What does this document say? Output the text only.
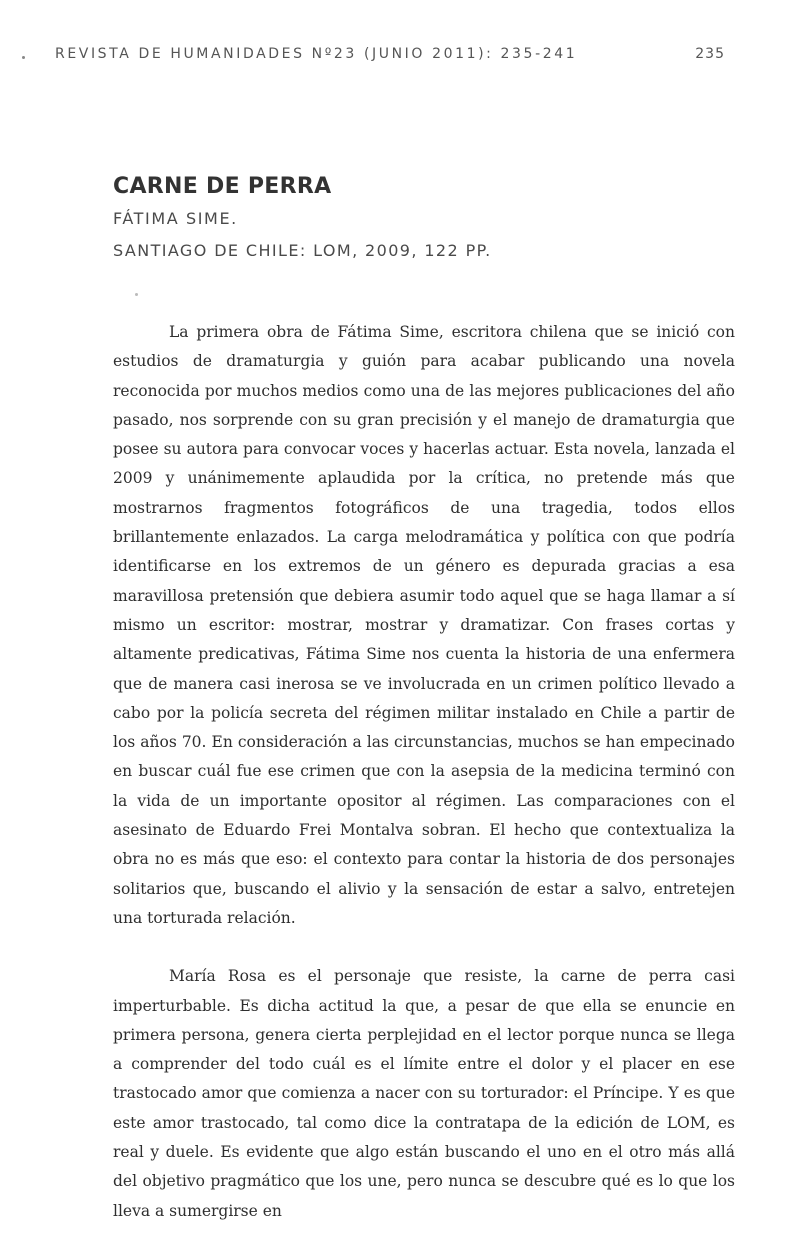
REVISTA DE HUMANIDADES Nº23 (JUNIO 2011): 235-241	235
CARNE DE PERRA
FÁTIMA SIME.
SANTIAGO DE CHILE: LOM, 2009, 122 PP.

La primera obra de Fátima Sime, escritora chilena que se inició con estudios de dramaturgia y guión para acabar publicando una novela reconocida por muchos medios como una de las mejores publicaciones del año pasado, nos sorprende con su gran precisión y el manejo de dramaturgia que posee su autora para convocar voces y hacerlas actuar. Esta novela, lanzada el 2009 y unánimemente aplaudida por la crítica, no pretende más que mostrarnos fragmentos fotográficos de una tragedia, todos ellos brillantemente enlazados. La carga melodramática y política con que podría identificarse en los extremos de un género es depurada gracias a esa maravillosa pretensión que debiera asumir todo aquel que se haga llamar a sí mismo un escritor: mostrar, mostrar y dramatizar. Con frases cortas y altamente predicativas, Fátima Sime nos cuenta la historia de una enfermera que de manera casi inerosa se ve involucrada en un crimen político llevado a cabo por la policía secreta del régimen militar instalado en Chile a partir de los años 70. En consideración a las circunstancias, muchos se han empecinado en buscar cuál fue ese crimen que con la asepsia de la medicina terminó con la vida de un importante opositor al régimen. Las comparaciones con el asesinato de Eduardo Frei Montalva sobran. El hecho que contextualiza la obra no es más que eso: el contexto para contar la historia de dos personajes solitarios que, buscando el alivio y la sensación de estar a salvo, entretejen una torturada relación.

María Rosa es el personaje que resiste, la carne de perra casi imperturbable. Es dicha actitud la que, a pesar de que ella se enuncie en primera persona, genera cierta perplejidad en el lector porque nunca se llega a comprender del todo cuál es el límite entre el dolor y el placer en ese trastocado amor que comienza a nacer con su torturador: el Príncipe. Y es que este amor trastocado, tal como dice la contratapa de la edición de LOM, es real y duele. Es evidente que algo están buscando el uno en el otro más allá del objetivo pragmático que los une, pero nunca se descubre qué es lo que los lleva a sumergirse en
